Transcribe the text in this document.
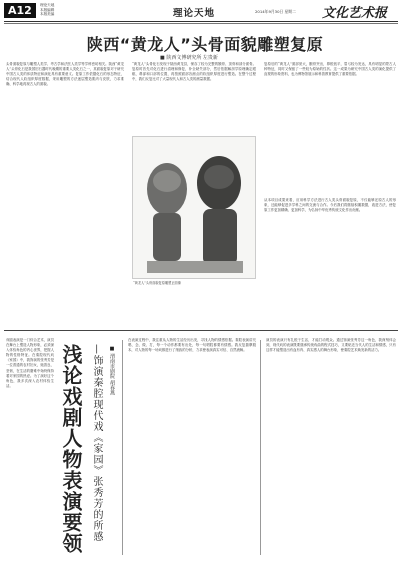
A12	理论天地
本版编辑
本版美编	理论天地	2014年9月30日 星期二 文化艺术报
陕西“黄龙人”头骨面貌雕塑复原
■ 陕西文博研究所 左贵新
头骨面貌复原与雕塑人类学、考古学和法医人类学等学科密切相关。陕西“黄龙人”头骨化石是我国旧石器时代晚期的重要人类化石之一，其面貌复原对于研究中国古人类的体质特征和演化具有重要意义。复原工作依据化石的形态特征，结合现代人软组织厚度数据，采用雕塑的方法逐层塑造肌肉与皮肤，力求准确、科学地再现古人的面貌。
“黄龙人”头骨化石发现于陕西黄龙县，保存了较为完整的额骨、顶骨和部分面骨。复原时首先对化石进行清理和修复，补全缺失部分，然后依据解剖学原理确定眼眶、鼻部和口部的位置，再按照面部各测点的软组织厚度进行塑造。在整个过程中，我们反复比对了大量现代人和古人类的测量数据。
复原后的“黄龙人”面部宽大，颧骨突出，鼻根低平，眉弓较为发达，具有明显的蒙古人种特征，同时又保留了一些较为原始的性状。这一成果为研究中国古人类的演化提供了直观的形象资料，也为博物馆展示和科普教育提供了重要依据。
从本项目成果来看，应用科学方法进行古人类头骨面貌复原，不仅能够还原古人的形象，还能够促进多学科之间的交流与合作。今后我们将继续积累数据，改进方法，使复原工作更加精确、更加科学，为弘扬中华优秀传统文化作出贡献。
“黄龙人”头骨面貌复原雕塑正面像
戏剧表演是一门综合艺术，演员在舞台上塑造人物形象，必须深入体验角色的内心世界，把握人物的性格特征。在秦腔现代戏《家园》中，我饰演的张秀芳是一位普通的农村妇女，她善良、坚韧，在生活的磨难中始终保持着对家园的热爱。为了演好这个角色，我多次深入农村体验生活。	浅论戏剧人物表演要领 —饰演秦腔现代戏《家园》张秀芳的所感	■ 渭南市剧院 胡春燕
在表演过程中，我注重从人物的生活经历出发，寻找人物的情感依据。秦腔表演讲究唱、念、做、打，每一个动作都要有出处，每一句唱腔都要有情感。我反复揣摩剧本，对人物的每一场戏都进行了细致的分析，力求使表演真实可信、自然流畅。
演员的表演只有扎根于生活，才能打动观众。通过饰演张秀芳这一角色，我深刻体会到，现代戏的表演既要继承传统戏曲的程式技巧，又要贴近当代人的生活和情感，只有这样才能塑造出有血有肉、真实感人的舞台形象，使秦腔艺术焕发新的活力。
